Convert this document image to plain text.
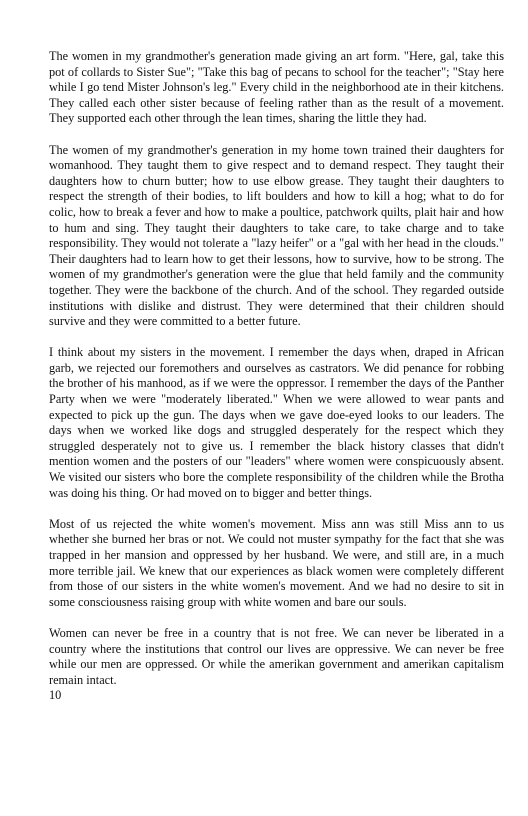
The women in my grandmother's generation made giving an art form. "Here, gal, take this pot of collards to Sister Sue"; "Take this bag of pecans to school for the teacher"; "Stay here while I go tend Mister Johnson's leg." Every child in the neighborhood ate in their kitchens. They called each other sister because of feeling rather than as the result of a movement. They supported each other through the lean times, sharing the little they had.

The women of my grandmother's generation in my home town trained their daughters for womanhood. They taught them to give respect and to demand respect. They taught their daughters how to churn butter; how to use elbow grease. They taught their daughters to respect the strength of their bodies, to lift boulders and how to kill a hog; what to do for colic, how to break a fever and how to make a poultice, patchwork quilts, plait hair and how to hum and sing. They taught their daughters to take care, to take charge and to take responsibility. They would not tolerate a "lazy heifer" or a "gal with her head in the clouds." Their daughters had to learn how to get their lessons, how to survive, how to be strong. The women of my grandmother's generation were the glue that held family and the community together. They were the backbone of the church. And of the school. They regarded outside institutions with dislike and distrust. They were determined that their children should survive and they were committed to a better future.

I think about my sisters in the movement. I remember the days when, draped in African garb, we rejected our foremothers and ourselves as castrators. We did penance for robbing the brother of his manhood, as if we were the oppressor. I remember the days of the Panther Party when we were "moderately liberated." When we were allowed to wear pants and expected to pick up the gun. The days when we gave doe-eyed looks to our leaders. The days when we worked like dogs and struggled desperately for the respect which they struggled desperately not to give us. I remember the black history classes that didn't mention women and the posters of our "leaders" where women were conspicuously absent. We visited our sisters who bore the complete responsibility of the children while the Brotha was doing his thing. Or had moved on to bigger and better things.

Most of us rejected the white women's movement. Miss ann was still Miss ann to us whether she burned her bras or not. We could not muster sympathy for the fact that she was trapped in her mansion and oppressed by her husband. We were, and still are, in a much more terrible jail. We knew that our experiences as black women were completely different from those of our sisters in the white women's movement. And we had no desire to sit in some consciousness raising group with white women and bare our souls.

Women can never be free in a country that is not free. We can never be liberated in a country where the institutions that control our lives are oppressive. We can never be free while our men are oppressed. Or while the amerikan government and amerikan capitalism remain intact.

10
